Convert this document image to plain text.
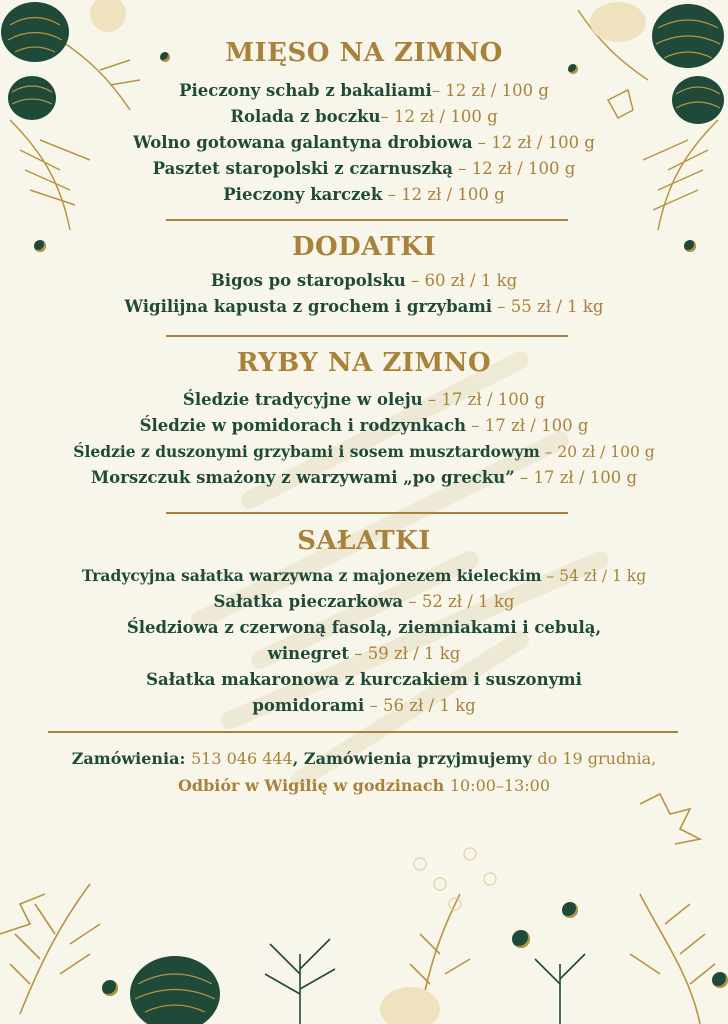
MIĘSO NA ZIMNO
Pieczony schab z bakaliami– 12 zł / 100 g
Rolada z boczku– 12 zł / 100 g
Wolno gotowana galantyna drobiowa – 12 zł / 100 g
Pasztet staropolski z czarnuszką – 12 zł / 100 g
Pieczony karczek – 12 zł / 100 g
DODATKI
Bigos po staropolsku – 60 zł / 1 kg
Wigilijna kapusta z grochem i grzybami – 55 zł / 1 kg
RYBY NA ZIMNO
Śledzie tradycyjne w oleju – 17 zł / 100 g
Śledzie w pomidorach i rodzynkach – 17 zł / 100 g
Śledzie z duszonymi grzybami i sosem musztardowym – 20 zł / 100 g
Morszczuk smażony z warzywami „po grecku” – 17 zł / 100 g
SAŁATKI
Tradycyjna sałatka warzywna z majonezem kieleckim – 54 zł / 1 kg
Sałatka pieczarkowa – 52 zł / 1 kg
Śledziowa z czerwoną fasolą, ziemniakami i cebulą,
winegret – 59 zł / 1 kg
Sałatka makaronowa z kurczakiem i suszonymi
pomidorami – 56 zł / 1 kg
Zamówienia: 513 046 444, Zamówienia przyjmujemy do 19 grudnia,
Odbiór w Wigilię w godzinach 10:00–13:00
